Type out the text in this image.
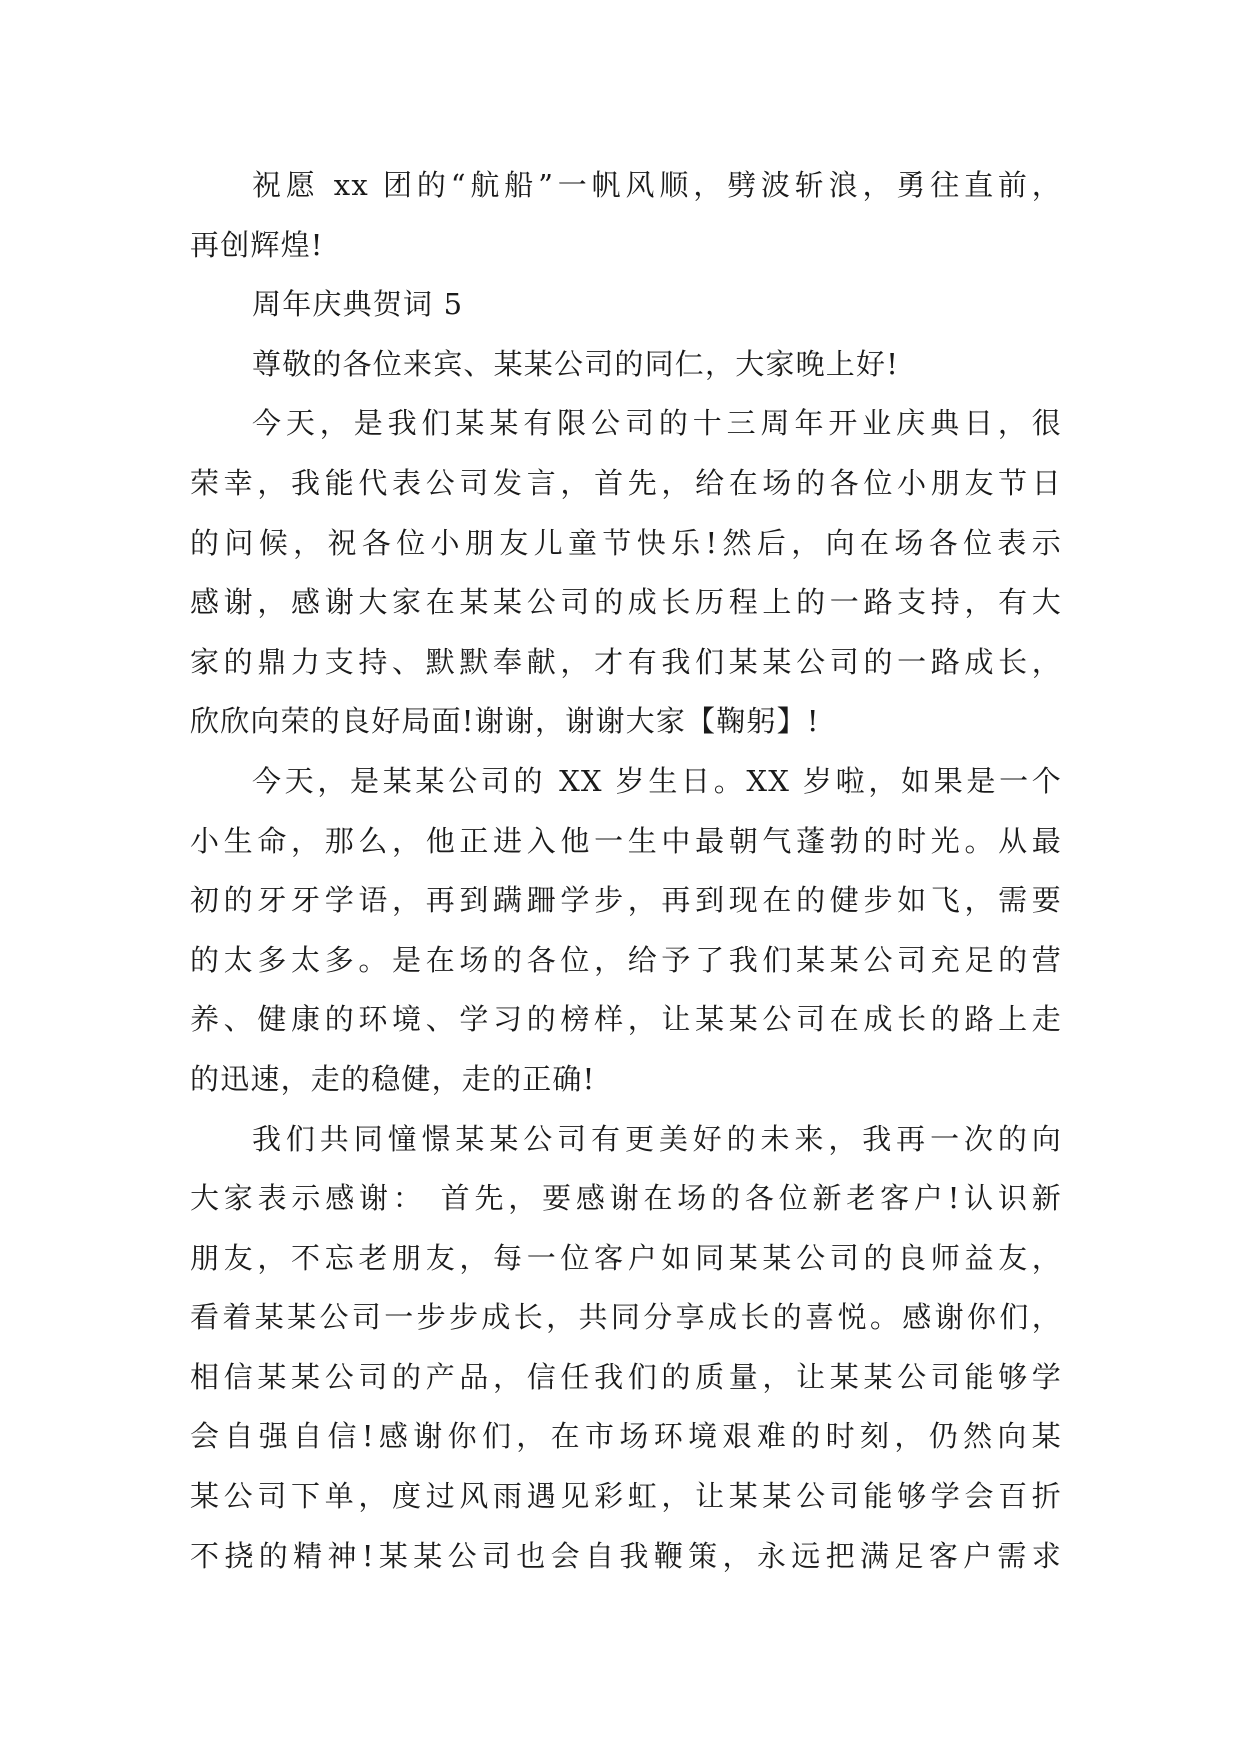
祝愿 xx 团的“航船”一帆风顺，劈波斩浪，勇往直前，
再创辉煌!
周年庆典贺词 5
尊敬的各位来宾、某某公司的同仁，大家晚上好!
今天，是我们某某有限公司的十三周年开业庆典日，很
荣幸，我能代表公司发言，首先，给在场的各位小朋友节日
的问候，祝各位小朋友儿童节快乐!然后，向在场各位表示
感谢，感谢大家在某某公司的成长历程上的一路支持，有大
家的鼎力支持、默默奉献，才有我们某某公司的一路成长，
欣欣向荣的良好局面!谢谢，谢谢大家【鞠躬】!
今天，是某某公司的 XX 岁生日。XX 岁啦，如果是一个
小生命，那么，他正进入他一生中最朝气蓬勃的时光。从最
初的牙牙学语，再到蹒跚学步，再到现在的健步如飞，需要
的太多太多。是在场的各位，给予了我们某某公司充足的营
养、健康的环境、学习的榜样，让某某公司在成长的路上走
的迅速，走的稳健，走的正确!
我们共同憧憬某某公司有更美好的未来，我再一次的向
大家表示感谢： 首先，要感谢在场的各位新老客户!认识新
朋友，不忘老朋友，每一位客户如同某某公司的良师益友，
看着某某公司一步步成长，共同分享成长的喜悦。感谢你们，
相信某某公司的产品，信任我们的质量，让某某公司能够学
会自强自信!感谢你们，在市场环境艰难的时刻，仍然向某
某公司下单，度过风雨遇见彩虹，让某某公司能够学会百折
不挠的精神!某某公司也会自我鞭策，永远把满足客户需求
